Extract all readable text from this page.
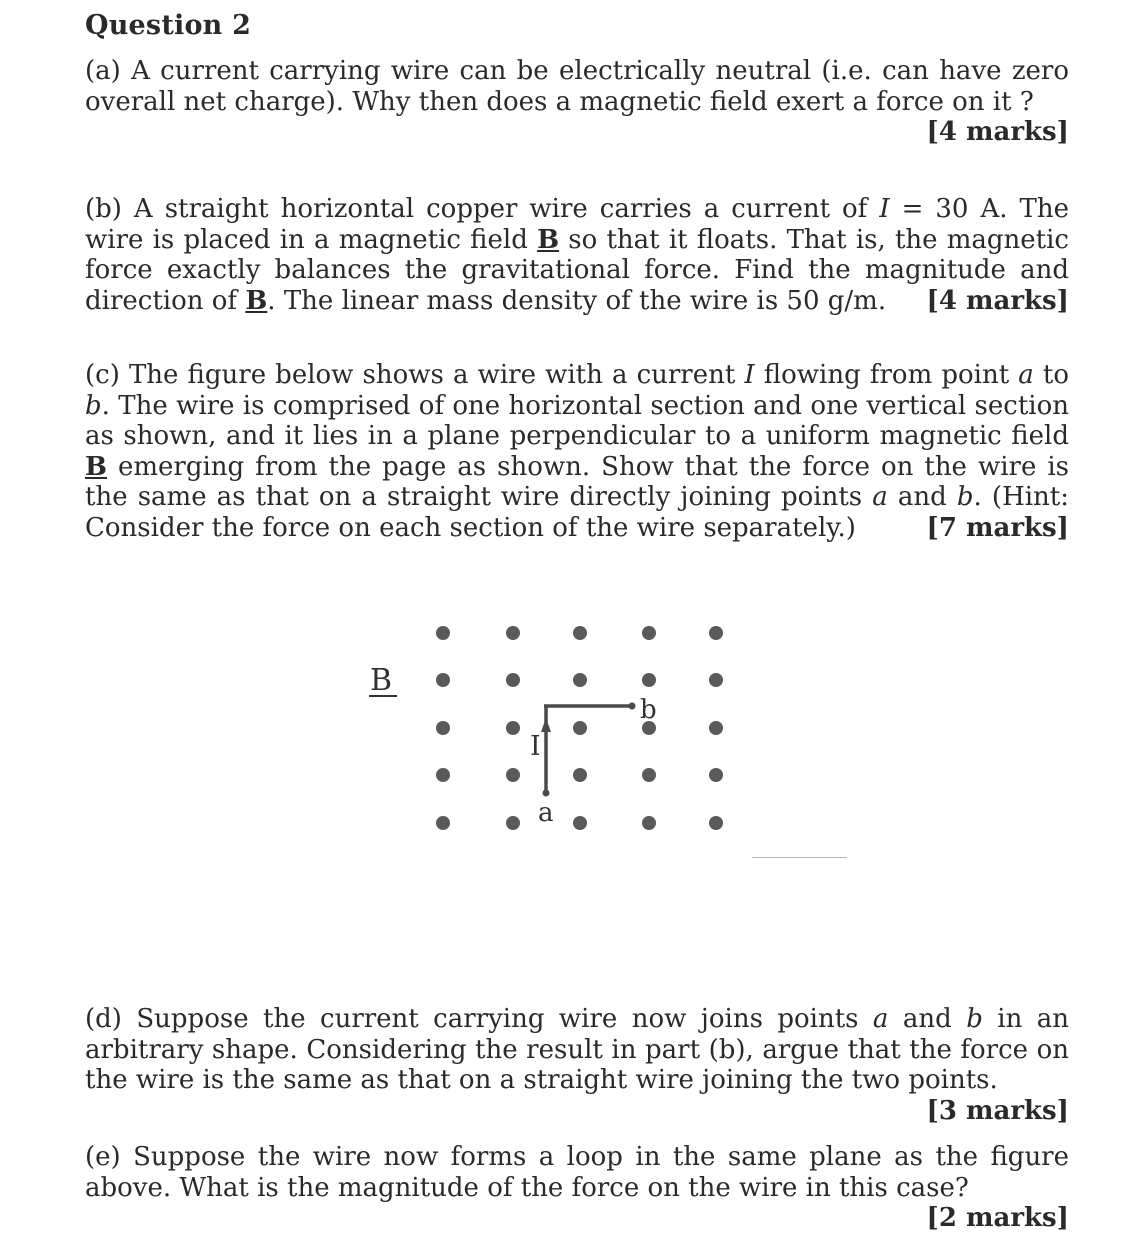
Question 2

(a) A current carrying wire can be electrically neutral (i.e. can have zero overall net charge). Why then does a magnetic field exert a force on it ?

[4 marks]

(b) A straight horizontal copper wire carries a current of I = 30 A. The wire is placed in a magnetic field B so that it floats. That is, the magnetic force exactly balances the gravitational force. Find the magnitude and direction of B. The linear mass density of the wire is 50 g/m.	[4 marks]

(c) The figure below shows a wire with a current I flowing from point a to b. The wire is comprised of one horizontal section and one vertical section as shown, and it lies in a plane perpendicular to a uniform magnetic field B emerging from the page as shown. Show that the force on the wire is the same as that on a straight wire directly joining points a and b. (Hint: Consider the force on each section of the wire separately.)	[7 marks]

B
I
a
b

(d) Suppose the current carrying wire now joins points a and b in an arbitrary shape. Considering the result in part (b), argue that the force on the wire is the same as that on a straight wire joining the two points.
[3 marks]

(e) Suppose the wire now forms a loop in the same plane as the figure above. What is the magnitude of the force on the wire in this case?
[2 marks]
